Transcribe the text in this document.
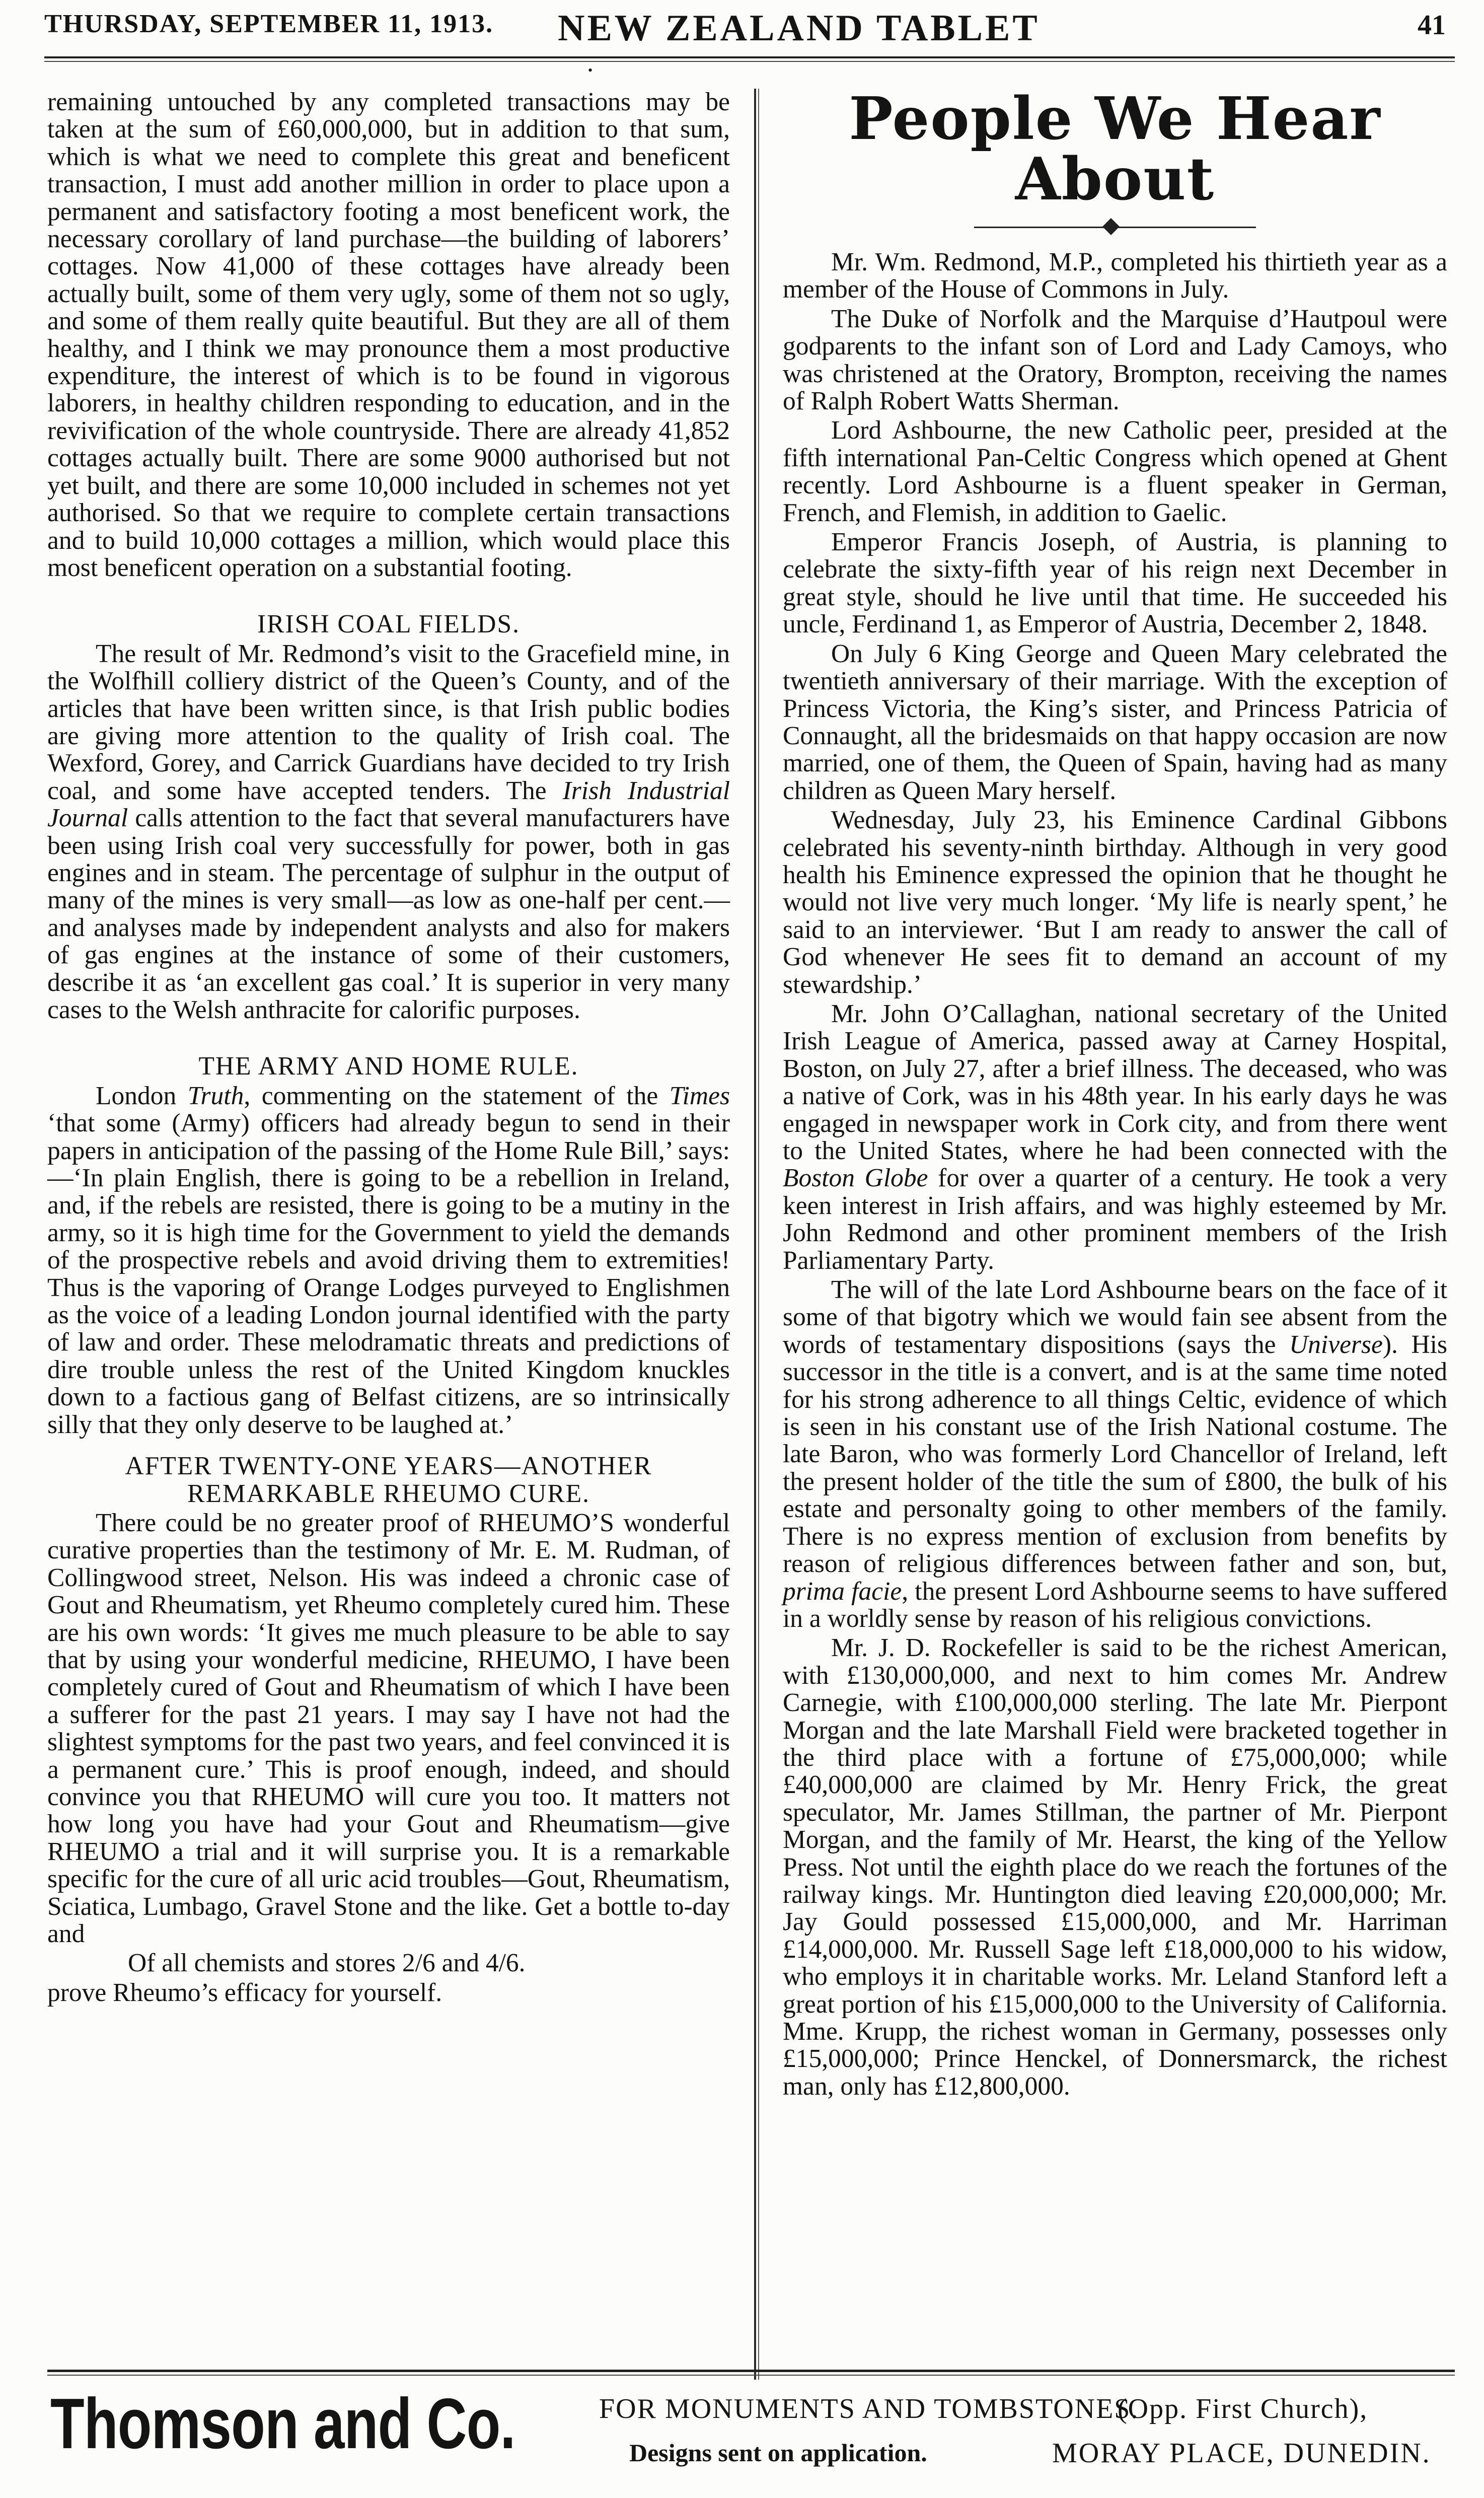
THURSDAY, SEPTEMBER 11, 1913. NEW ZEALAND TABLET	41
•

remaining untouched by any completed transactions may be taken at the sum of £60,000,000, but in addition to that sum, which is what we need to complete this great and beneficent transaction, I must add another million in order to place upon a permanent and satisfactory footing a most beneficent work, the necessary corollary of land purchase—the building of laborers’ cottages. Now 41,000 of these cottages have already been actually built, some of them very ugly, some of them not so ugly, and some of them really quite beautiful. But they are all of them healthy, and I think we may pronounce them a most productive expenditure, the interest of which is to be found in vigorous laborers, in healthy children responding to education, and in the revivification of the whole countryside. There are already 41,852 cottages actually built. There are some 9000 authorised but not yet built, and there are some 10,000 included in schemes not yet authorised. So that we require to complete certain transactions and to build 10,000 cottages a million, which would place this most beneficent operation on a substantial footing.

IRISH COAL FIELDS.

The result of Mr. Redmond’s visit to the Gracefield mine, in the Wolfhill colliery district of the Queen’s County, and of the articles that have been written since, is that Irish public bodies are giving more attention to the quality of Irish coal. The Wexford, Gorey, and Carrick Guardians have decided to try Irish coal, and some have accepted tenders. The Irish Industrial Journal calls attention to the fact that several manufacturers have been using Irish coal very successfully for power, both in gas engines and in steam. The percentage of sulphur in the output of many of the mines is very small—as low as one-half per cent.—and analyses made by independent analysts and also for makers of gas engines at the instance of some of their customers, describe it as ‘an excellent gas coal.’ It is superior in very many cases to the Welsh anthracite for calorific purposes.

THE ARMY AND HOME RULE.

London Truth, commenting on the statement of the Times ‘that some (Army) officers had already begun to send in their papers in anticipation of the passing of the Home Rule Bill,’ says:—‘In plain English, there is going to be a rebellion in Ireland, and, if the rebels are resisted, there is going to be a mutiny in the army, so it is high time for the Government to yield the demands of the prospective rebels and avoid driving them to extremities! Thus is the vaporing of Orange Lodges purveyed to Englishmen as the voice of a leading London journal identified with the party of law and order. These melodramatic threats and predictions of dire trouble unless the rest of the United Kingdom knuckles down to a factious gang of Belfast citizens, are so intrinsically silly that they only deserve to be laughed at.’

AFTER TWENTY-ONE YEARS—ANOTHER REMARKABLE RHEUMO CURE.

There could be no greater proof of RHEUMO’S wonderful curative properties than the testimony of Mr. E. M. Rudman, of Collingwood street, Nelson. His was indeed a chronic case of Gout and Rheumatism, yet Rheumo completely cured him. These are his own words: ‘It gives me much pleasure to be able to say that by using your wonderful medicine, RHEUMO, I have been completely cured of Gout and Rheumatism of which I have been a sufferer for the past 21 years. I may say I have not had the slightest symptoms for the past two years, and feel convinced it is a permanent cure.’ This is proof enough, indeed, and should convince you that RHEUMO will cure you too. It matters not how long you have had your Gout and Rheumatism—give RHEUMO a trial and it will surprise you. It is a remarkable specific for the cure of all uric acid troubles—Gout, Rheumatism, Sciatica, Lumbago, Gravel Stone and the like. Get a bottle to-day and

Of all chemists and stores 2/6 and 4/6.

prove Rheumo’s efficacy for yourself.

People We Hear About

Mr. Wm. Redmond, M.P., completed his thirtieth year as a member of the House of Commons in July.

The Duke of Norfolk and the Marquise d’Hautpoul were godparents to the infant son of Lord and Lady Camoys, who was christened at the Oratory, Brompton, receiving the names of Ralph Robert Watts Sherman.

Lord Ashbourne, the new Catholic peer, presided at the fifth international Pan-Celtic Congress which opened at Ghent recently. Lord Ashbourne is a fluent speaker in German, French, and Flemish, in addition to Gaelic.

Emperor Francis Joseph, of Austria, is planning to celebrate the sixty-fifth year of his reign next December in great style, should he live until that time. He succeeded his uncle, Ferdinand 1, as Emperor of Austria, December 2, 1848.

On July 6 King George and Queen Mary celebrated the twentieth anniversary of their marriage. With the exception of Princess Victoria, the King’s sister, and Princess Patricia of Connaught, all the bridesmaids on that happy occasion are now married, one of them, the Queen of Spain, having had as many children as Queen Mary herself.

Wednesday, July 23, his Eminence Cardinal Gibbons celebrated his seventy-ninth birthday. Although in very good health his Eminence expressed the opinion that he thought he would not live very much longer. ‘My life is nearly spent,’ he said to an interviewer. ‘But I am ready to answer the call of God whenever He sees fit to demand an account of my stewardship.’

Mr. John O’Callaghan, national secretary of the United Irish League of America, passed away at Carney Hospital, Boston, on July 27, after a brief illness. The deceased, who was a native of Cork, was in his 48th year. In his early days he was engaged in newspaper work in Cork city, and from there went to the United States, where he had been connected with the Boston Globe for over a quarter of a century. He took a very keen interest in Irish affairs, and was highly esteemed by Mr. John Redmond and other prominent members of the Irish Parliamentary Party.

The will of the late Lord Ashbourne bears on the face of it some of that bigotry which we would fain see absent from the words of testamentary dispositions (says the Universe). His successor in the title is a convert, and is at the same time noted for his strong adherence to all things Celtic, evidence of which is seen in his constant use of the Irish National costume. The late Baron, who was formerly Lord Chancellor of Ireland, left the present holder of the title the sum of £800, the bulk of his estate and personalty going to other members of the family. There is no express mention of exclusion from benefits by reason of religious differences between father and son, but, prima facie, the present Lord Ashbourne seems to have suffered in a worldly sense by reason of his religious convictions.

Mr. J. D. Rockefeller is said to be the richest American, with £130,000,000, and next to him comes Mr. Andrew Carnegie, with £100,000,000 sterling. The late Mr. Pierpont Morgan and the late Marshall Field were bracketed together in the third place with a fortune of £75,000,000; while £40,000,000 are claimed by Mr. Henry Frick, the great speculator, Mr. James Stillman, the partner of Mr. Pierpont Morgan, and the family of Mr. Hearst, the king of the Yellow Press. Not until the eighth place do we reach the fortunes of the railway kings. Mr. Huntington died leaving £20,000,000; Mr. Jay Gould possessed £15,000,000, and Mr. Harriman £14,000,000. Mr. Russell Sage left £18,000,000 to his widow, who employs it in charitable works. Mr. Leland Stanford left a great portion of his £15,000,000 to the University of California. Mme. Krupp, the richest woman in Germany, possesses only £15,000,000; Prince Henckel, of Donnersmarck, the richest man, only has £12,800,000.

Thomson and Co.	FOR MONUMENTS AND TOMBSTONES.
(Opp. First Church),
Designs sent on application.	MORAY PLACE, DUNEDIN.
